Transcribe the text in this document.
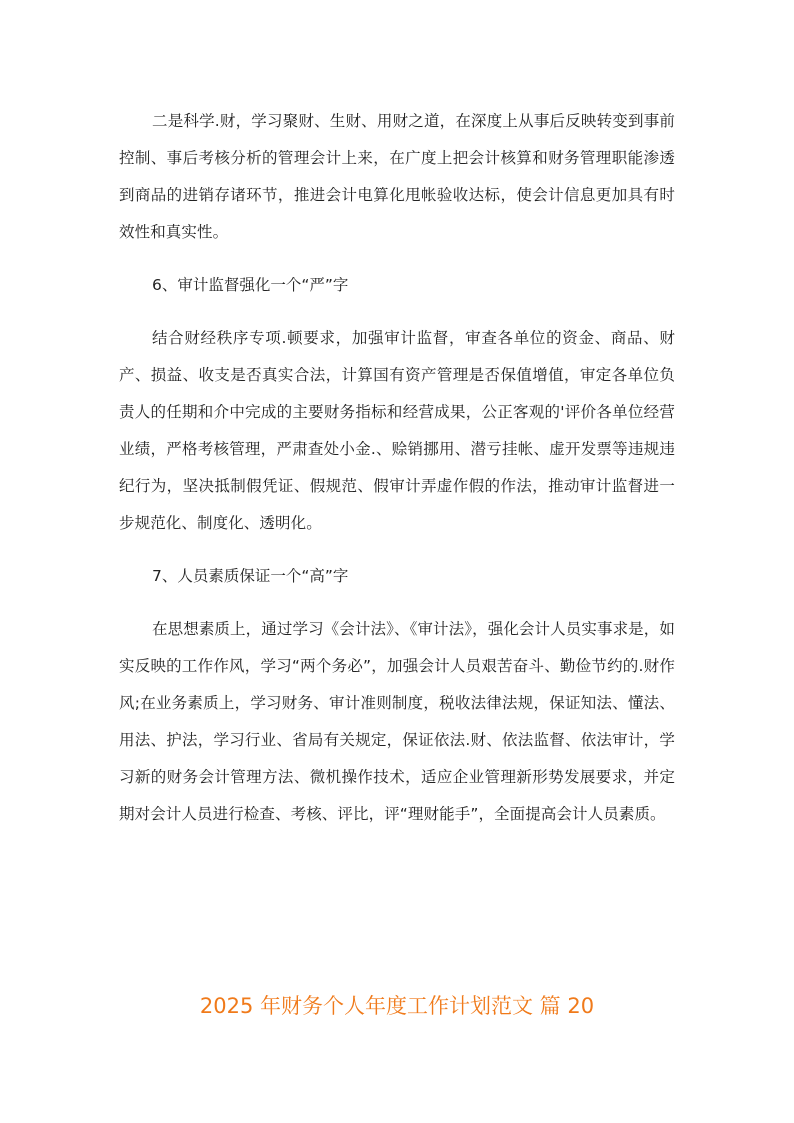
二是科学.财，学习聚财、生财、用财之道，在深度上从事后反映转变到事前控制、事后考核分析的管理会计上来，在广度上把会计核算和财务管理职能渗透到商品的进销存诸环节，推进会计电算化甩帐验收达标，使会计信息更加具有时效性和真实性。

6、审计监督强化一个“严”字

结合财经秩序专项.顿要求，加强审计监督，审查各单位的资金、商品、财产、损益、收支是否真实合法，计算国有资产管理是否保值增值，审定各单位负责人的任期和介中完成的主要财务指标和经营成果，公正客观的'评价各单位经营业绩，严格考核管理，严肃查处小金.、赊销挪用、潜亏挂帐、虚开发票等违规违纪行为，坚决抵制假凭证、假规范、假审计弄虚作假的作法，推动审计监督进一步规范化、制度化、透明化。

7、人员素质保证一个“高”字

在思想素质上，通过学习《会计法》、《审计法》，强化会计人员实事求是，如实反映的工作作风，学习“两个务必”，加强会计人员艰苦奋斗、勤俭节约的.财作风;在业务素质上，学习财务、审计准则制度，税收法律法规，保证知法、懂法、用法、护法，学习行业、省局有关规定，保证依法.财、依法监督、依法审计，学习新的财务会计管理方法、微机操作技术，适应企业管理新形势发展要求，并定期对会计人员进行检查、考核、评比，评“理财能手”，全面提高会计人员素质。

2025 年财务个人年度工作计划范文 篇 20
